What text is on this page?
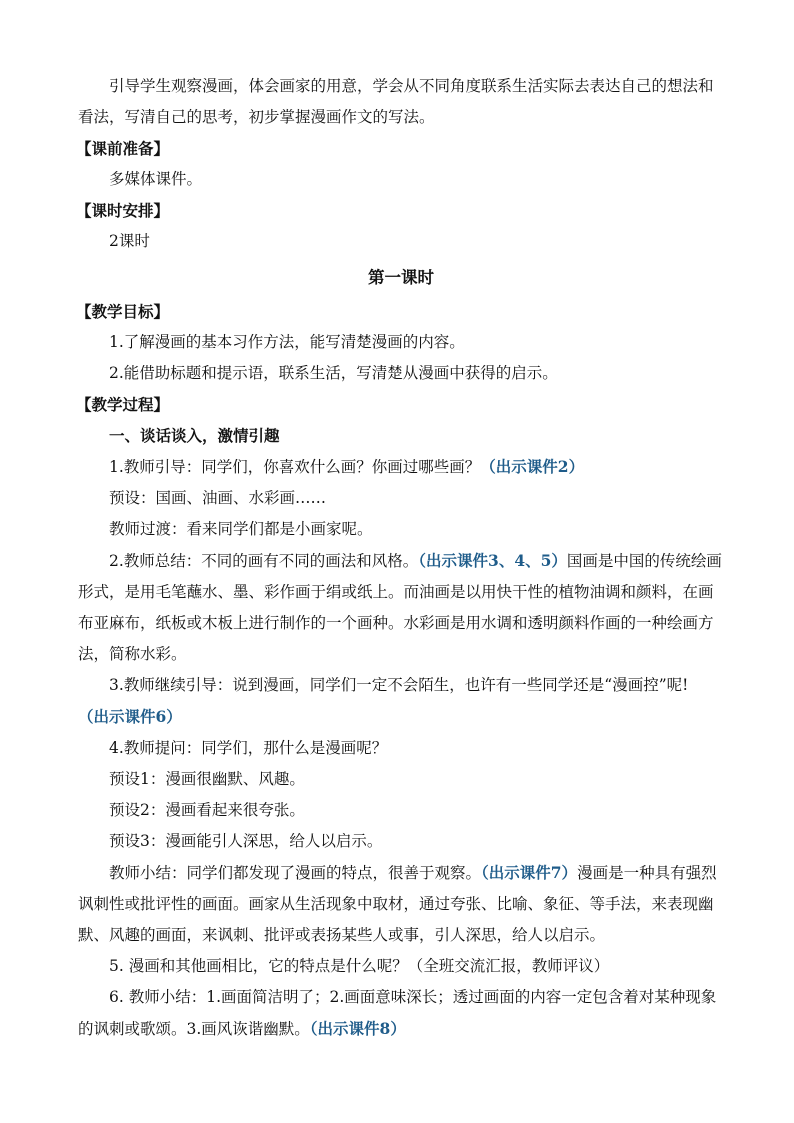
引导学生观察漫画，体会画家的用意，学会从不同角度联系生活实际去表达自己的想法和看法，写清自己的思考，初步掌握漫画作文的写法。

【课前准备】

多媒体课件。

【课时安排】

2课时

第一课时

【教学目标】

1.了解漫画的基本习作方法，能写清楚漫画的内容。

2.能借助标题和提示语，联系生活，写清楚从漫画中获得的启示。

【教学过程】

一、谈话谈入，激情引趣

1.教师引导：同学们，你喜欢什么画？你画过哪些画？（出示课件2）

预设：国画、油画、水彩画……

教师过渡：看来同学们都是小画家呢。

2.教师总结：不同的画有不同的画法和风格。（出示课件3、4、5）国画是中国的传统绘画形式，是用毛笔蘸水、墨、彩作画于绢或纸上。而油画是以用快干性的植物油调和颜料，在画布亚麻布，纸板或木板上进行制作的一个画种。水彩画是用水调和透明颜料作画的一种绘画方法，简称水彩。

3.教师继续引导：说到漫画，同学们一定不会陌生，也许有一些同学还是“漫画控”呢!

（出示课件6）

4.教师提问：同学们，那什么是漫画呢？

预设1：漫画很幽默、风趣。

预设2：漫画看起来很夸张。

预设3：漫画能引人深思，给人以启示。

教师小结：同学们都发现了漫画的特点，很善于观察。（出示课件7）漫画是一种具有强烈讽刺性或批评性的画面。画家从生活现象中取材，通过夸张、比喻、象征、等手法，来表现幽默、风趣的画面，来讽刺、批评或表扬某些人或事，引人深思，给人以启示。

5. 漫画和其他画相比，它的特点是什么呢？（全班交流汇报，教师评议）

6. 教师小结：1.画面简洁明了；2.画面意味深长；透过画面的内容一定包含着对某种现象的讽刺或歌颂。3.画风诙谐幽默。（出示课件8）
